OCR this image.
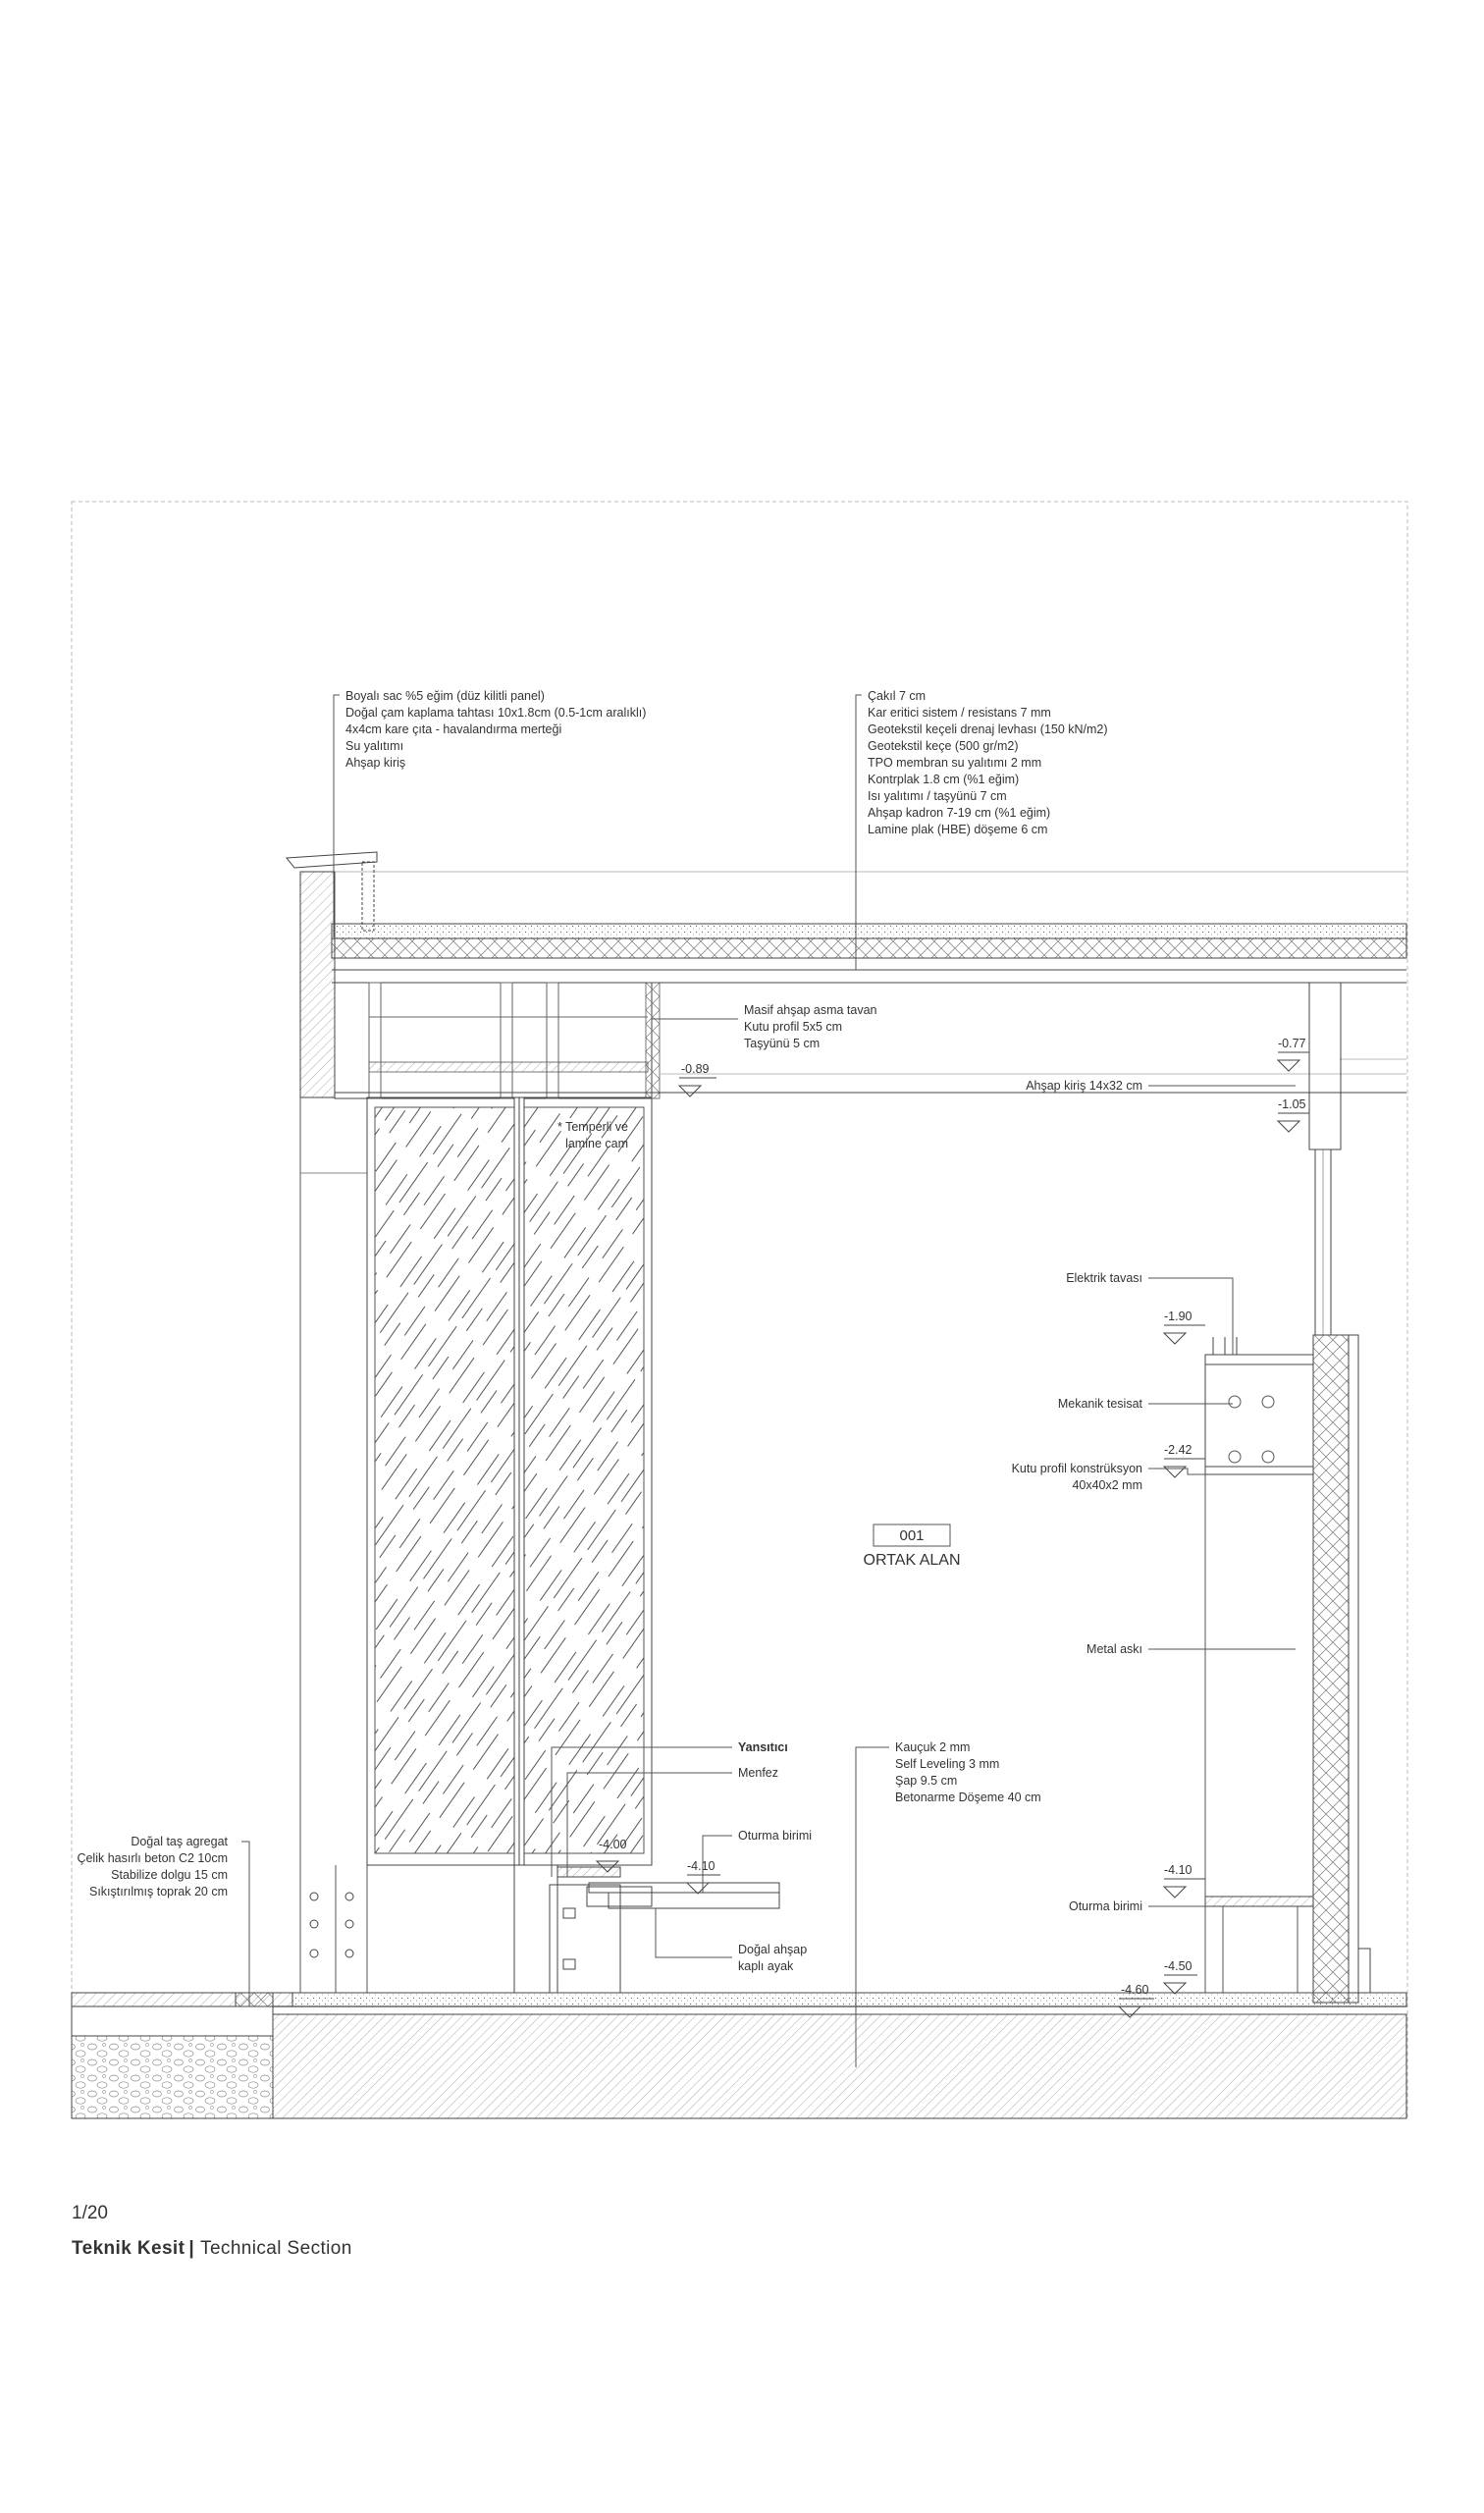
Boyalı sac %5 eğim (düz kilitli panel)
Doğal çam kaplama tahtası 10x1.8cm (0.5-1cm aralıklı)
4x4cm kare çıta - havalandırma merteği
Su yalıtımı
Ahşap kiriş
Çakıl 7 cm
Kar eritici sistem / resistans 7 mm
Geotekstil keçeli drenaj levhası (150 kN/m2)
Geotekstil keçe (500 gr/m2)
TPO membran su yalıtımı 2 mm
Kontrplak 1.8 cm (%1 eğim)
Isı yalıtımı / taşyünü 7 cm
Ahşap kadron 7-19 cm (%1 eğim)
Lamine plak (HBE) döşeme 6 cm
Masif ahşap asma tavan
Kutu profil 5x5 cm
Taşyünü 5 cm
* Temperli ve
lamine cam
Ahşap kiriş 14x32 cm
Elektrik tavası
Mekanik tesisat
Kutu profil konstrüksyon
40x40x2 mm
Metal askı
Yansıtıcı
Menfez
Oturma birimi
Oturma birimi
Doğal ahşap
kaplı ayak
Kauçuk 2 mm
Self Leveling 3 mm
Şap 9.5 cm
Betonarme Döşeme 40 cm
Doğal taş agregat
Çelik hasırlı beton C2 10cm
Stabilize dolgu 15 cm
Sıkıştırılmış toprak 20 cm
-0.89
-0.77
-1.05
-1.90
-2.42
-4.00
-4.10	-4.10
-4.50
-4.60
001
ORTAK ALAN
1/20
Teknik Kesit | Technical Section
